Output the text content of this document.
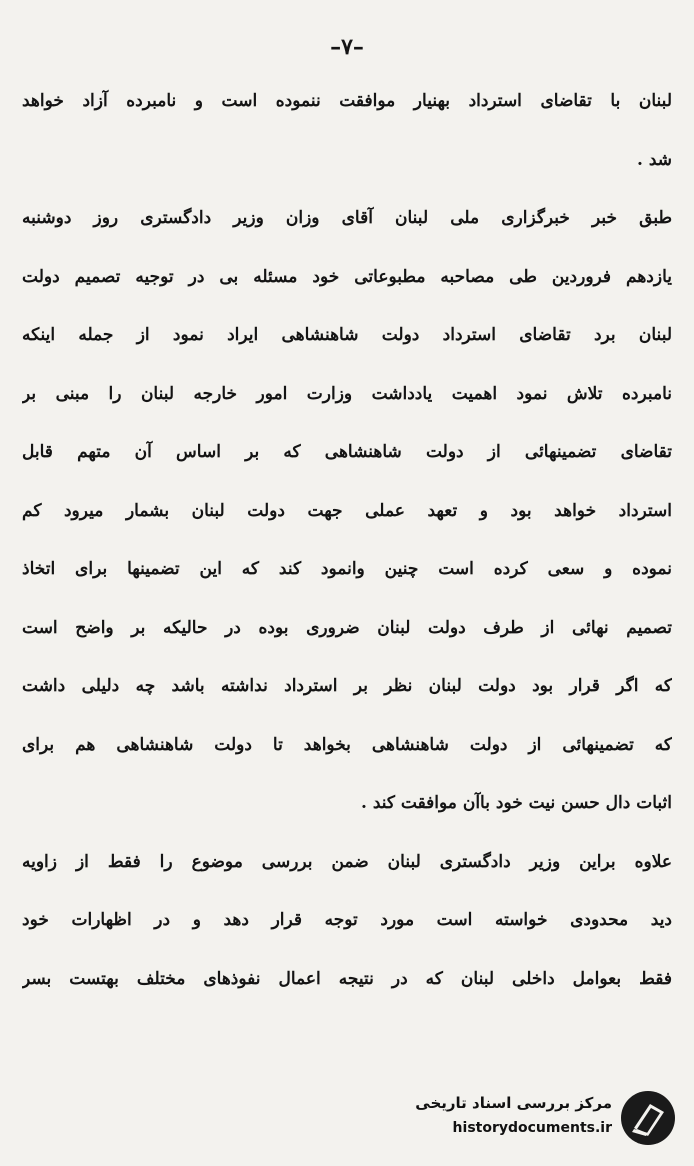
–۷–
لبنان با تقاضای استرداد بهنیار موافقت ننموده است و نامبرده آزاد خواهد
شد .
طبق خبر خبرگزاری ملی لبنان آقای وزان وزیر دادگستری روز دوشنبه
یازدهم فروردین طی مصاحبه مطبوعاتی خود مسئله بی در توجیه تصمیم دولت
لبنان برد تقاضای استرداد دولت شاهنشاهی ایراد نمود از جمله اینکه
نامبرده تلاش نمود اهمیت یادداشت وزارت امور خارجه لبنان را مبنی بر
تقاضای تضمینهائی از دولت شاهنشاهی که بر اساس آن متهم قابل
استرداد خواهد بود و تعهد عملی جهت دولت لبنان بشمار میرود کم
نموده و سعی کرده است چنین وانمود کند که این تضمینها برای اتخاذ
تصمیم نهائی از طرف دولت لبنان ضروری بوده در حالیکه بر واضح است
که اگر قرار بود دولت لبنان نظر بر استرداد نداشته باشد چه دلیلی داشت
که تضمینهائی از دولت شاهنشاهی بخواهد تا دولت شاهنشاهی هم برای
اثبات دال حسن نیت خود باآن موافقت کند .
علاوه براین وزیر دادگستری لبنان ضمن بررسی موضوع را فقط از زاویه
دید محدودی خواسته است مورد توجه قرار دهد و در اظهارات خود
فقط بعوامل داخلی لبنان که در نتیجه اعمال نفوذهای مختلف بهتست بسر
مرکز بررسی اسناد تاریخی
historydocuments.ir
